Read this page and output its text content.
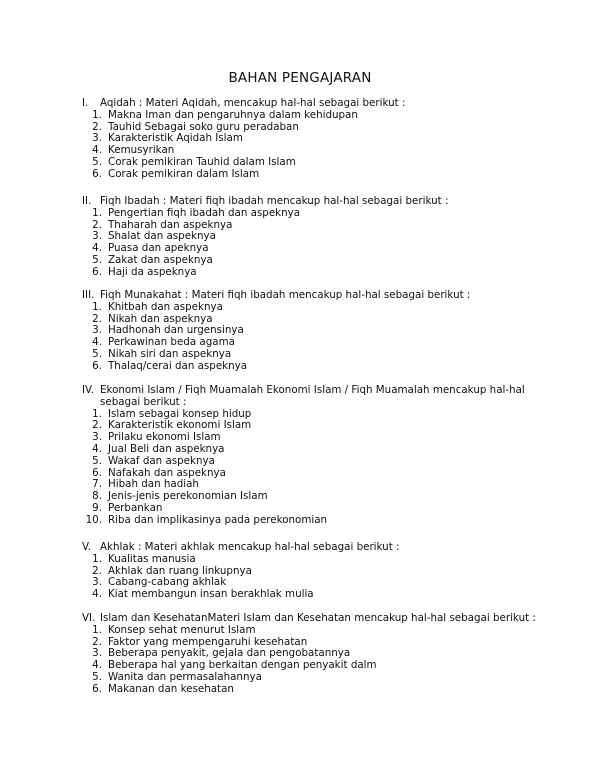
BAHAN PENGAJARAN
I.	Aqidah : Materi Aqidah, mencakup hal-hal sebagai berikut :
1. Makna Iman dan pengaruhnya dalam kehidupan
2. Tauhid Sebagai soko guru peradaban
3. Karakteristik Aqidah Islam
4. Kemusyrikan
5. Corak pemikiran Tauhid dalam Islam
6. Corak pemikiran dalam Islam
II. Fiqh Ibadah : Materi fiqh ibadah mencakup hal-hal sebagai berikut :
1. Pengertian fiqh ibadah dan aspeknya
2. Thaharah dan aspeknya
3. Shalat dan aspeknya
4. Puasa dan apeknya
5. Zakat dan aspeknya
6. Haji da aspeknya
III. Fiqh Munakahat : Materi fiqh ibadah mencakup hal-hal sebagai berikut :
1. Khitbah dan aspeknya
2. Nikah dan aspeknya
3. Hadhonah dan urgensinya
4. Perkawinan beda agama
5. Nikah siri dan aspeknya
6. Thalaq/cerai dan aspeknya
IV. Ekonomi Islam / Fiqh Muamalah Ekonomi Islam / Fiqh Muamalah mencakup hal-hal
sebagai berikut :
1. Islam sebagai konsep hidup
2. Karakteristik ekonomi Islam
3. Prilaku ekonomi Islam
4. Jual Beli dan aspeknya
5. Wakaf dan aspeknya
6. Nafakah dan aspeknya
7. Hibah dan hadiah
8. Jenis-jenis perekonomian Islam
9. Perbankan
10. Riba dan implikasinya pada perekonomian
V. Akhlak : Materi akhlak mencakup hal-hal sebagai berikut :
1. Kualitas manusia
2. Akhlak dan ruang linkupnya
3. Cabang-cabang akhlak
4. Kiat membangun insan berakhlak mulia
VI. Islam dan KesehatanMateri Islam dan Kesehatan mencakup hal-hal sebagai berikut :
1. Konsep sehat menurut Islam
2. Faktor yang mempengaruhi kesehatan
3. Beberapa penyakit, gejala dan pengobatannya
4. Beberapa hal yang berkaitan dengan penyakit dalm
5. Wanita dan permasalahannya
6. Makanan dan kesehatan
